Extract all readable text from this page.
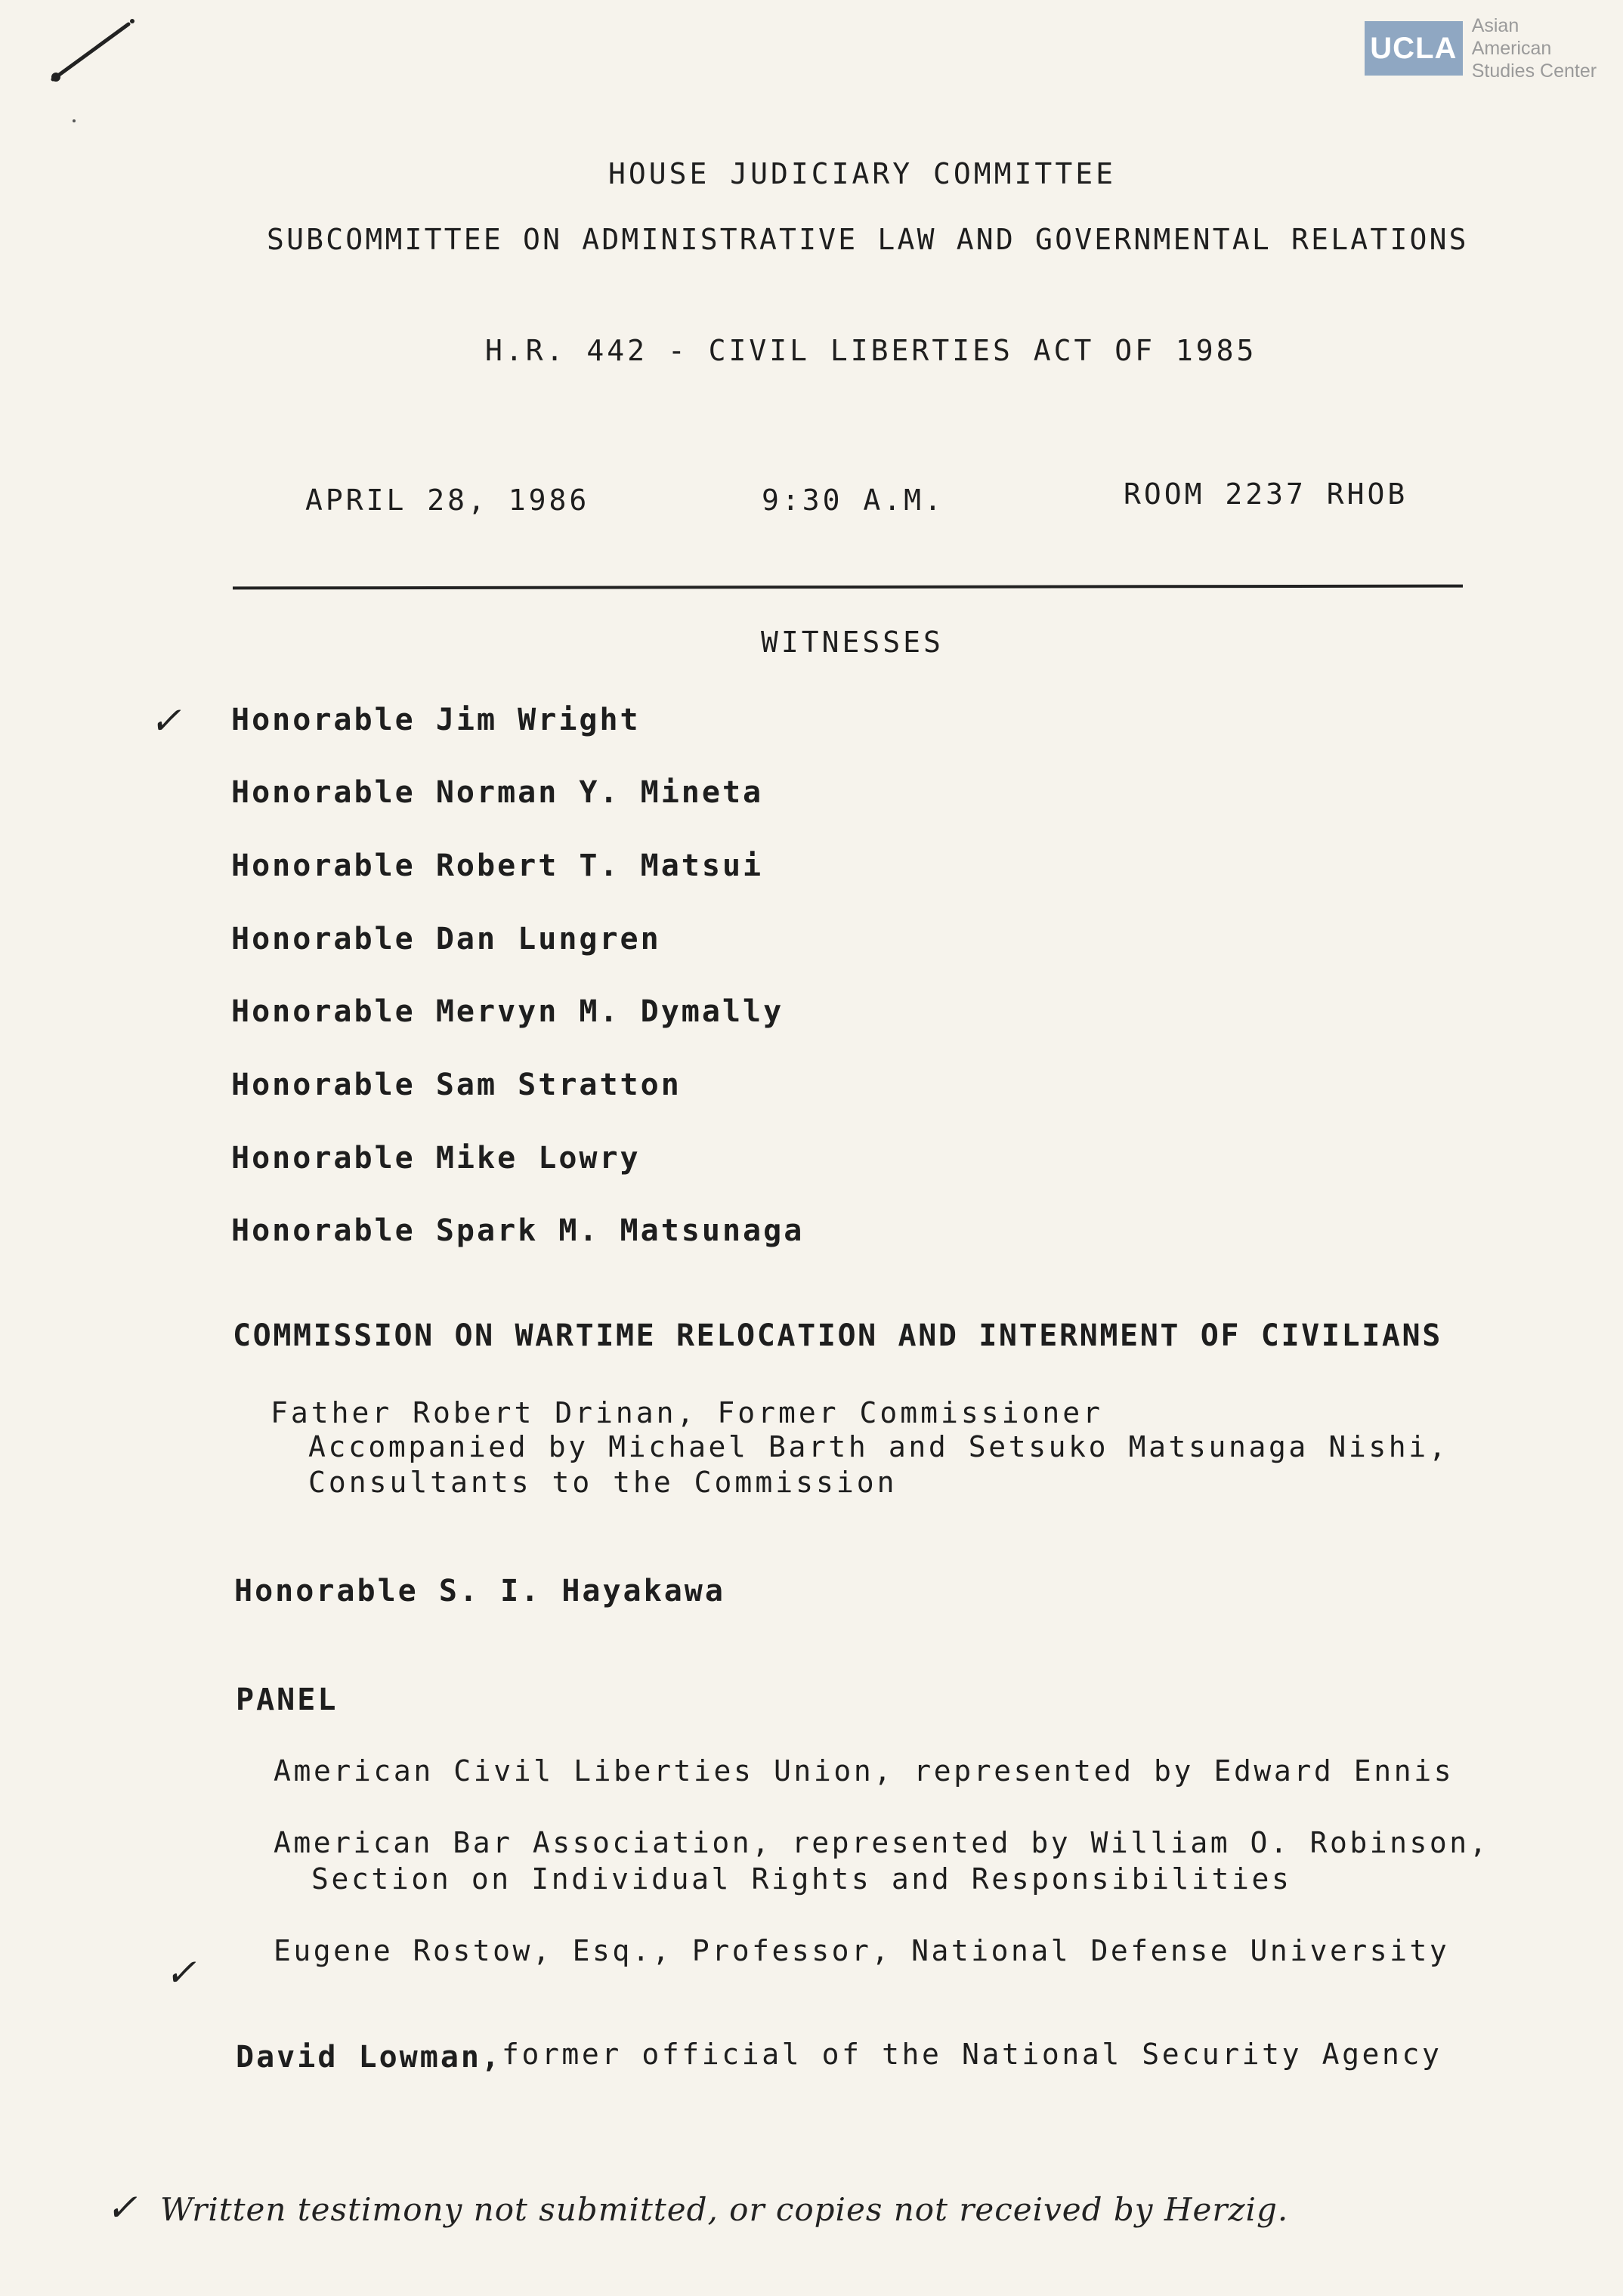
UCLA
Asian American
Studies Center
HOUSE JUDICIARY COMMITTEE
SUBCOMMITTEE ON ADMINISTRATIVE LAW AND GOVERNMENTAL RELATIONS
H.R. 442 - CIVIL LIBERTIES ACT OF 1985
APRIL 28, 1986	9:30 A.M.	ROOM 2237 RHOB
WITNESSES
✓ Honorable Jim Wright
Honorable Norman Y. Mineta
Honorable Robert T. Matsui
Honorable Dan Lungren
Honorable Mervyn M. Dymally
Honorable Sam Stratton
Honorable Mike Lowry
Honorable Spark M. Matsunaga
COMMISSION ON WARTIME RELOCATION AND INTERNMENT OF CIVILIANS
Father Robert Drinan, Former Commissioner
Accompanied by Michael Barth and Setsuko Matsunaga Nishi,
Consultants to the Commission
Honorable S. I. Hayakawa
PANEL
American Civil Liberties Union, represented by Edward Ennis
American Bar Association, represented by William O. Robinson,
Section on Individual Rights and Responsibilities
✓	Eugene Rostow, Esq., Professor, National Defense University
David Lowman, former official of the National Security Agency
✓ Written testimony not submitted, or copies not received by Herzig.
